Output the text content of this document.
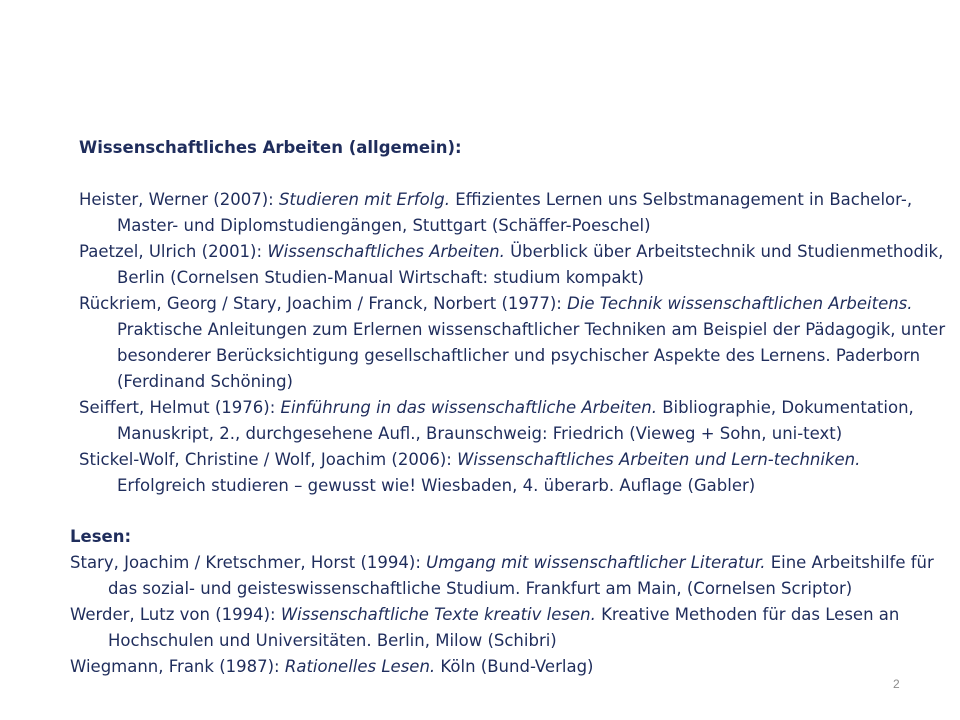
Wissenschaftliches Arbeiten (allgemein):

Heister, Werner (2007): Studieren mit Erfolg. Effizientes Lernen uns Selbstmanagement in Bachelor-, Master- und Diplomstudiengängen, Stuttgart (Schäffer-Poeschel)

Paetzel, Ulrich (2001): Wissenschaftliches Arbeiten. Überblick über Arbeitstechnik und Studienmethodik, Berlin (Cornelsen Studien-Manual Wirtschaft: studium kompakt)

Rückriem, Georg / Stary, Joachim / Franck, Norbert (1977): Die Technik wissenschaftlichen Arbeitens. Praktische Anleitungen zum Erlernen wissenschaftlicher Techniken am Beispiel der Pädagogik, unter besonderer Berücksichtigung gesellschaftlicher und psychischer Aspekte des Lernens. Paderborn (Ferdinand Schöning)

Seiffert, Helmut (1976): Einführung in das wissenschaftliche Arbeiten. Bibliographie, Dokumentation, Manuskript, 2., durchgesehene Aufl., Braunschweig: Friedrich (Vieweg + Sohn, uni-text)

Stickel-Wolf, Christine / Wolf, Joachim (2006): Wissenschaftliches Arbeiten und Lern-techniken. Erfolgreich studieren – gewusst wie! Wiesbaden, 4. überarb. Auflage (Gabler)

Lesen:

Stary, Joachim / Kretschmer, Horst (1994): Umgang mit wissenschaftlicher Literatur. Eine Arbeitshilfe für das sozial- und geisteswissenschaftliche Studium. Frankfurt am Main, (Cornelsen Scriptor)

Werder, Lutz von (1994): Wissenschaftliche Texte kreativ lesen. Kreative Methoden für das Lesen an Hochschulen und Universitäten. Berlin, Milow (Schibri)

Wiegmann, Frank (1987): Rationelles Lesen. Köln (Bund-Verlag)

2
